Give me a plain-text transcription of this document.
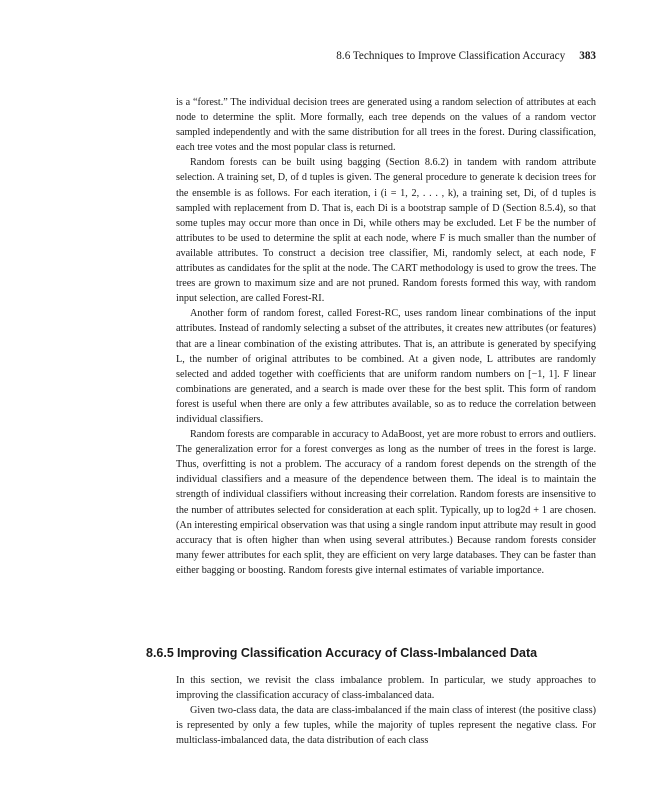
8.6 Techniques to Improve Classification Accuracy 383

is a “forest.” The individual decision trees are generated using a random selection of attributes at each node to determine the split. More formally, each tree depends on the values of a random vector sampled independently and with the same distribution for all trees in the forest. During classification, each tree votes and the most popular class is returned.

Random forests can be built using bagging (Section 8.6.2) in tandem with random attribute selection. A training set, D, of d tuples is given. The general procedure to generate k decision trees for the ensemble is as follows. For each iteration, i (i = 1, 2, . . . , k), a training set, Di, of d tuples is sampled with replacement from D. That is, each Di is a bootstrap sample of D (Section 8.5.4), so that some tuples may occur more than once in Di, while others may be excluded. Let F be the number of attributes to be used to determine the split at each node, where F is much smaller than the number of available attributes. To construct a decision tree classifier, Mi, randomly select, at each node, F attributes as candidates for the split at the node. The CART methodology is used to grow the trees. The trees are grown to maximum size and are not pruned. Random forests formed this way, with random input selection, are called Forest-RI.

Another form of random forest, called Forest-RC, uses random linear combinations of the input attributes. Instead of randomly selecting a subset of the attributes, it creates new attributes (or features) that are a linear combination of the existing attributes. That is, an attribute is generated by specifying L, the number of original attributes to be combined. At a given node, L attributes are randomly selected and added together with coefficients that are uniform random numbers on [−1, 1]. F linear combinations are generated, and a search is made over these for the best split. This form of random forest is useful when there are only a few attributes available, so as to reduce the correlation between individual classifiers.

Random forests are comparable in accuracy to AdaBoost, yet are more robust to errors and outliers. The generalization error for a forest converges as long as the number of trees in the forest is large. Thus, overfitting is not a problem. The accuracy of a random forest depends on the strength of the individual classifiers and a measure of the dependence between them. The ideal is to maintain the strength of individual classifiers without increasing their correlation. Random forests are insensitive to the number of attributes selected for consideration at each split. Typically, up to log2d + 1 are chosen. (An interesting empirical observation was that using a single random input attribute may result in good accuracy that is often higher than when using several attributes.) Because random forests consider many fewer attributes for each split, they are efficient on very large databases. They can be faster than either bagging or boosting. Random forests give internal estimates of variable importance.

8.6.5 Improving Classification Accuracy of Class-Imbalanced Data

In this section, we revisit the class imbalance problem. In particular, we study approaches to improving the classification accuracy of class-imbalanced data.

Given two-class data, the data are class-imbalanced if the main class of interest (the positive class) is represented by only a few tuples, while the majority of tuples represent the negative class. For multiclass-imbalanced data, the data distribution of each class
